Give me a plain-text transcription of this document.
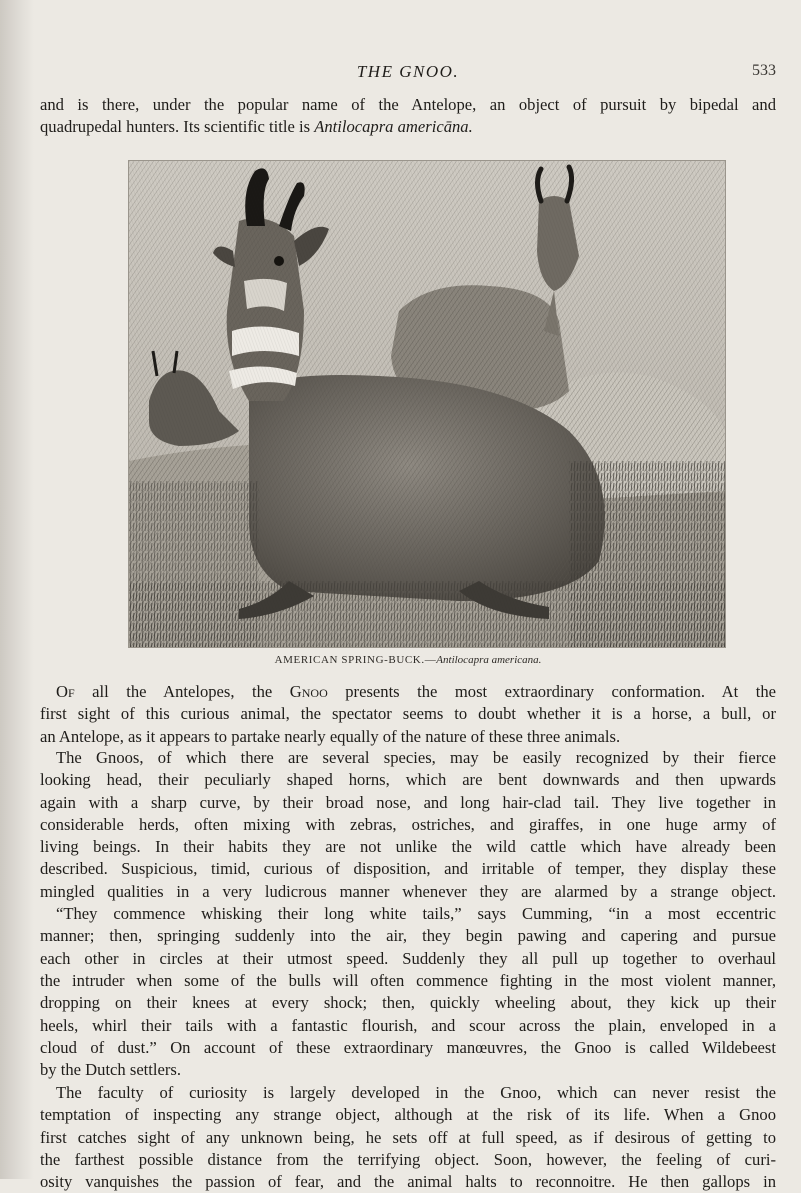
THE GNOO.	533

and is there, under the popular name of the Antelope, an object of pursuit by bipedal and
quadrupedal hunters. Its scientific title is Antilocapra americāna.

AMERICAN SPRING-BUCK.—Antilocapra americana.

Of all the Antelopes, the Gnoo presents the most extraordinary conformation. At the
first sight of this curious animal, the spectator seems to doubt whether it is a horse, a bull, or
an Antelope, as it appears to partake nearly equally of the nature of these three animals.

The Gnoos, of which there are several species, may be easily recognized by their fierce
looking head, their peculiarly shaped horns, which are bent downwards and then upwards
again with a sharp curve, by their broad nose, and long hair-clad tail. They live together in
considerable herds, often mixing with zebras, ostriches, and giraffes, in one huge army of
living beings. In their habits they are not unlike the wild cattle which have already been
described. Suspicious, timid, curious of disposition, and irritable of temper, they display these
mingled qualities in a very ludicrous manner whenever they are alarmed by a strange object.
“They commence whisking their long white tails,” says Cumming, “in a most eccentric
manner; then, springing suddenly into the air, they begin pawing and capering and pursue
each other in circles at their utmost speed. Suddenly they all pull up together to overhaul
the intruder when some of the bulls will often commence fighting in the most violent manner,
dropping on their knees at every shock; then, quickly wheeling about, they kick up their
heels, whirl their tails with a fantastic flourish, and scour across the plain, enveloped in a
cloud of dust.” On account of these extraordinary manœuvres, the Gnoo is called Wildebeest
by the Dutch settlers.

The faculty of curiosity is largely developed in the Gnoo, which can never resist the
temptation of inspecting any strange object, although at the risk of its life. When a Gnoo
first catches sight of any unknown being, he sets off at full speed, as if desirous of getting to
the farthest possible distance from the terrifying object. Soon, however, the feeling of curi-
osity vanquishes the passion of fear, and the animal halts to reconnoitre. He then gallops in
